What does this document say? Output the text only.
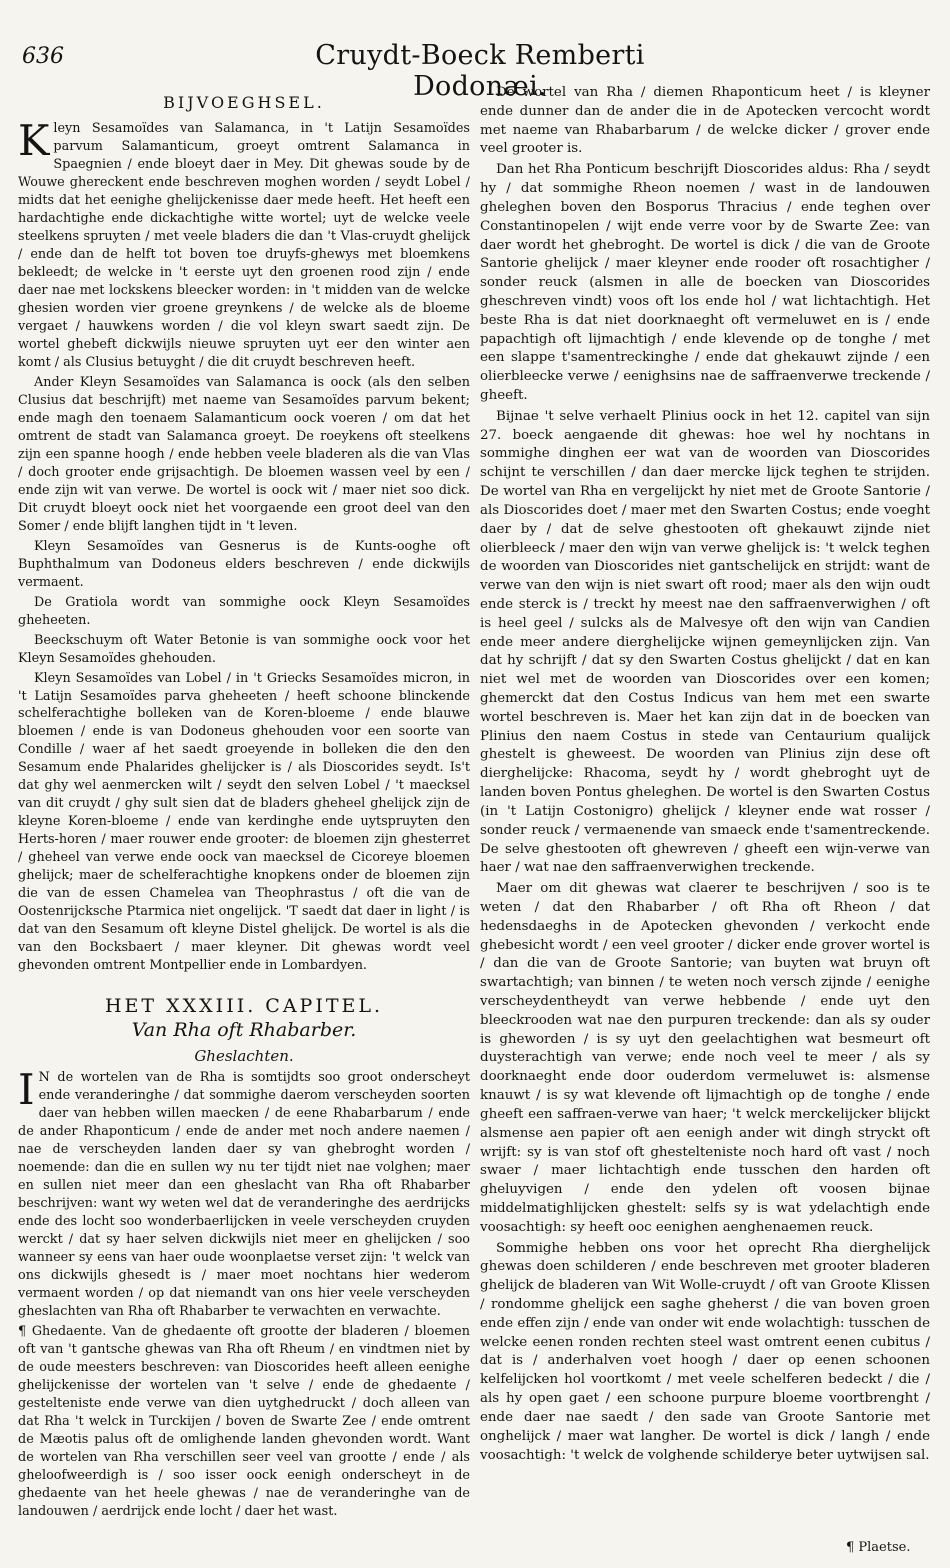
636	Cruydt-Boeck Remberti Dodonæi.
BIJVOEGHSEL.

Kleyn Sesamoïdes van Salamanca, in 't Latijn Sesamoïdes parvum Salamanticum, groeyt omtrent Salamanca in Spaegnien / ende bloeyt daer in Mey. Dit ghewas soude by de Wouwe ghereckent ende beschreven moghen worden / seydt Lobel / midts dat het eenighe ghelijckenisse daer mede heeft. Het heeft een hardachtighe ende dickachtighe witte wortel; uyt de welcke veele steelkens spruyten / met veele bladers die dan 't Vlas-cruydt ghelijck / ende dan de helft tot boven toe druyfs-ghewys met bloemkens bekleedt; de welcke in 't eerste uyt den groenen rood zijn / ende daer nae met lockskens bleecker worden: in 't midden van de welcke ghesien worden vier groene greynkens / de welcke als de bloeme vergaet / hauwkens worden / die vol kleyn swart saedt zijn. De wortel ghebeft dickwijls nieuwe spruyten uyt eer den winter aen komt / als Clusius betuyght / die dit cruydt beschreven heeft.

Ander Kleyn Sesamoïdes van Salamanca is oock (als den selben Clusius dat beschrijft) met naeme van Sesamoïdes parvum bekent; ende magh den toenaem Salamanticum oock voeren / om dat het omtrent de stadt van Salamanca groeyt. De roeykens oft steelkens zijn een spanne hoogh / ende hebben veele bladeren als die van Vlas / doch grooter ende grijsachtigh. De bloemen wassen veel by een / ende zijn wit van verwe. De wortel is oock wit / maer niet soo dick. Dit cruydt bloeyt oock niet het voorgaende een groot deel van den Somer / ende blijft langhen tijdt in 't leven.

Kleyn Sesamoïdes van Gesnerus is de Kunts-ooghe oft Buphthalmum van Dodoneus elders beschreven / ende dickwijls vermaent.

De Gratiola wordt van sommighe oock Kleyn Sesamoïdes gheheeten.

Beeckschuym oft Water Betonie is van sommighe oock voor het Kleyn Sesamoïdes ghehouden.

Kleyn Sesamoïdes van Lobel / in 't Griecks Sesamoïdes micron, in 't Latijn Sesamoïdes parva gheheeten / heeft schoone blinckende schelferachtighe bolleken van de Koren-bloeme / ende blauwe bloemen / ende is van Dodoneus ghehouden voor een soorte van Condille / waer af het saedt groeyende in bolleken die den den Sesamum ende Phalarides ghelijcker is / als Dioscorides seydt. Is't dat ghy wel aenmercken wilt / seydt den selven Lobel / 't maecksel van dit cruydt / ghy sult sien dat de bladers gheheel ghelijck zijn de kleyne Koren-bloeme / ende van kerdinghe ende uytspruyten den Herts-horen / maer rouwer ende grooter: de bloemen zijn ghesterret / gheheel van verwe ende oock van maecksel de Cicoreye bloemen ghelijck; maer de schelferachtighe knopkens onder de bloemen zijn die van de essen Chamelea van Theophrastus / oft die van de Oostenrijcksche Ptarmica niet ongelijck. 'T saedt dat daer in light / is dat van den Sesamum oft kleyne Distel ghelijck. De wortel is als die van den Bocksbaert / maer kleyner. Dit ghewas wordt veel ghevonden omtrent Montpellier ende in Lombardyen.

HET XXXIII. CAPITEL.
Van Rha oft Rhabarber.
Gheslachten.

IN de wortelen van de Rha is somtijdts soo groot onderscheyt ende veranderinghe / dat sommighe daerom verscheyden soorten daer van hebben willen maecken / de eene Rhabarbarum / ende de ander Rhaponticum / ende de ander met noch andere naemen / nae de verscheyden landen daer sy van ghebroght worden / noemende: dan die en sullen wy nu ter tijdt niet nae volghen; maer en sullen niet meer dan een gheslacht van Rha oft Rhabarber beschrijven: want wy weten wel dat de veranderinghe des aerdrijcks ende des locht soo wonderbaerlijcken in veele verscheyden cruyden werckt / dat sy haer selven dickwijls niet meer en ghelijcken / soo wanneer sy eens van haer oude woonplaetse verset zijn: 't welck van ons dickwijls ghesedt is / maer moet nochtans hier wederom vermaent worden / op dat niemandt van ons hier veele verscheyden gheslachten van Rha oft Rhabarber te verwachten en verwachte.

¶ Ghedaente. Van de ghedaente oft grootte der bladeren / bloemen oft van 't gantsche ghewas van Rha oft Rheum / en vindtmen niet by de oude meesters beschreven: van Dioscorides heeft alleen eenighe ghelijckenisse der wortelen van 't selve / ende de ghedaente / gestelteniste ende verwe van dien uytghedruckt / doch alleen van dat Rha 't welck in Turckijen / boven de Swarte Zee / ende omtrent de Mæotis palus oft de omlighende landen ghevonden wordt. Want de wortelen van Rha verschillen seer veel van grootte / ende / als gheloofweerdigh is / soo isser oock eenigh onderscheyt in de ghedaente van het heele ghewas / nae de veranderinghe van de landouwen / aerdrijck ende locht / daer het wast.

De wortel van Rha / diemen Rhaponticum heet / is kleyner ende dunner dan de ander die in de Apotecken vercocht wordt met naeme van Rhabarbarum / de welcke dicker / grover ende veel grooter is.

Dan het Rha Ponticum beschrijft Dioscorides aldus: Rha / seydt hy / dat sommighe Rheon noemen / wast in de landouwen gheleghen boven den Bosporus Thracius / ende teghen over Constantinopelen / wijt ende verre voor by de Swarte Zee: van daer wordt het ghebroght. De wortel is dick / die van de Groote Santorie ghelijck / maer kleyner ende rooder oft rosachtigher / sonder reuck (alsmen in alle de boecken van Dioscorides gheschreven vindt) voos oft los ende hol / wat lichtachtigh. Het beste Rha is dat niet doorknaeght oft vermeluwet en is / ende papachtigh oft lijmachtigh / ende klevende op de tonghe / met een slappe t'samentreckinghe / ende dat ghekauwt zijnde / een olierbleecke verwe / eenighsins nae de saffraenverwe treckende / gheeft.

Bijnae 't selve verhaelt Plinius oock in het 12. capitel van sijn 27. boeck aengaende dit ghewas: hoe wel hy nochtans in sommighe dinghen eer wat van de woorden van Dioscorides schijnt te verschillen / dan daer mercke lijck teghen te strijden. De wortel van Rha en vergelijckt hy niet met de Groote Santorie / als Dioscorides doet / maer met den Swarten Costus; ende voeght daer by / dat de selve ghestooten oft ghekauwt zijnde niet olierbleeck / maer den wijn van verwe ghelijck is: 't welck teghen de woorden van Dioscorides niet gantschelijck en strijdt: want de verwe van den wijn is niet swart oft rood; maer als den wijn oudt ende sterck is / treckt hy meest nae den saffraenverwighen / oft is heel geel / sulcks als de Malvesye oft den wijn van Candien ende meer andere dierghelijcke wijnen gemeynlijcken zijn. Van dat hy schrijft / dat sy den Swarten Costus ghelijckt / dat en kan niet wel met de woorden van Dioscorides over een komen; ghemerckt dat den Costus Indicus van hem met een swarte wortel beschreven is. Maer het kan zijn dat in de boecken van Plinius den naem Costus in stede van Centaurium qualijck ghestelt is gheweest. De woorden van Plinius zijn dese oft dierghelijcke: Rhacoma, seydt hy / wordt ghebroght uyt de landen boven Pontus gheleghen. De wortel is den Swarten Costus (in 't Latijn Costonigro) ghelijck / kleyner ende wat rosser / sonder reuck / vermaenende van smaeck ende t'samentreckende. De selve ghestooten oft ghewreven / gheeft een wijn-verwe van haer / wat nae den saffraenverwighen treckende.

Maer om dit ghewas wat claerer te beschrijven / soo is te weten / dat den Rhabarber / oft Rha oft Rheon / dat hedensdaeghs in de Apotecken ghevonden / verkocht ende ghebesicht wordt / een veel grooter / dicker ende grover wortel is / dan die van de Groote Santorie; van buyten wat bruyn oft swartachtigh; van binnen / te weten noch versch zijnde / eenighe verscheydentheydt van verwe hebbende / ende uyt den bleeckrooden wat nae den purpuren treckende: dan als sy ouder is gheworden / is sy uyt den geelachtighen wat besmeurt oft duysterachtigh van verwe; ende noch veel te meer / als sy doorknaeght ende door ouderdom vermeluwet is: alsmense knauwt / is sy wat klevende oft lijmachtigh op de tonghe / ende gheeft een saffraen-verwe van haer; 't welck merckelijcker blijckt alsmense aen papier oft aen eenigh ander wit dingh stryckt oft wrijft: sy is van stof oft ghestelteniste noch hard oft vast / noch swaer / maer lichtachtigh ende tusschen den harden oft gheluyvigen / ende den ydelen oft voosen bijnae middelmatighlijcken ghestelt: selfs sy is wat ydelachtigh ende voosachtigh: sy heeft ooc eenighen aenghenaemen reuck.

Sommighe hebben ons voor het oprecht Rha dierghelijck ghewas doen schilderen / ende beschreven met grooter bladeren ghelijck de bladeren van Wit Wolle-cruydt / oft van Groote Klissen / rondomme ghelijck een saghe gheherst / die van boven groen ende effen zijn / ende van onder wit ende wolachtigh: tusschen de welcke eenen ronden rechten steel wast omtrent eenen cubitus / dat is / anderhalven voet hoogh / daer op eenen schoonen kelfelijcken hol voortkomt / met veele schelferen bedeckt / die / als hy open gaet / een schoone purpure bloeme voortbrenght / ende daer nae saedt / den sade van Groote Santorie met onghelijck / maer wat langher. De wortel is dick / langh / ende voosachtigh: 't welck de volghende schilderye beter uytwijsen sal.

¶ Plaetse.
